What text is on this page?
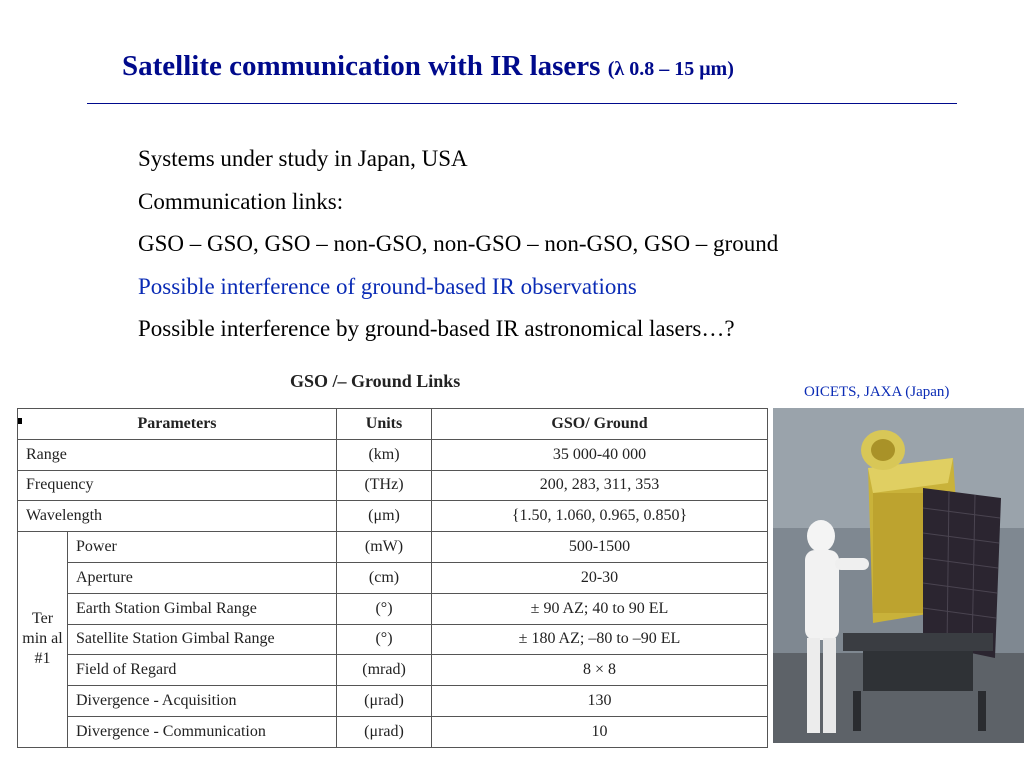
Satellite communication with IR lasers (λ 0.8 – 15 μm)
Systems under study in Japan, USA
Communication links:
GSO – GSO, GSO – non-GSO, non-GSO – non-GSO, GSO – ground
Possible interference of ground-based IR observations
Possible interference by ground-based IR astronomical lasers…?
GSO /– Ground Links
Parameters		Units	GSO/ Ground
Range		(km)	35 000-40 000
Frequency		(THz)	200, 283, 311, 353
Wavelength		(μm)	{1.50, 1.060, 0.965, 0.850}
Ter min al #1	Power	(mW)	500-1500
	Aperture	(cm)	20-30
	Earth Station Gimbal Range	(°)	± 90 AZ; 40 to 90 EL
	Satellite Station Gimbal Range	(°)	± 180 AZ; –80 to –90 EL
	Field of Regard	(mrad)	8 × 8
	Divergence - Acquisition	(μrad)	130
	Divergence - Communication	(μrad)	10
OICETS, JAXA (Japan)
